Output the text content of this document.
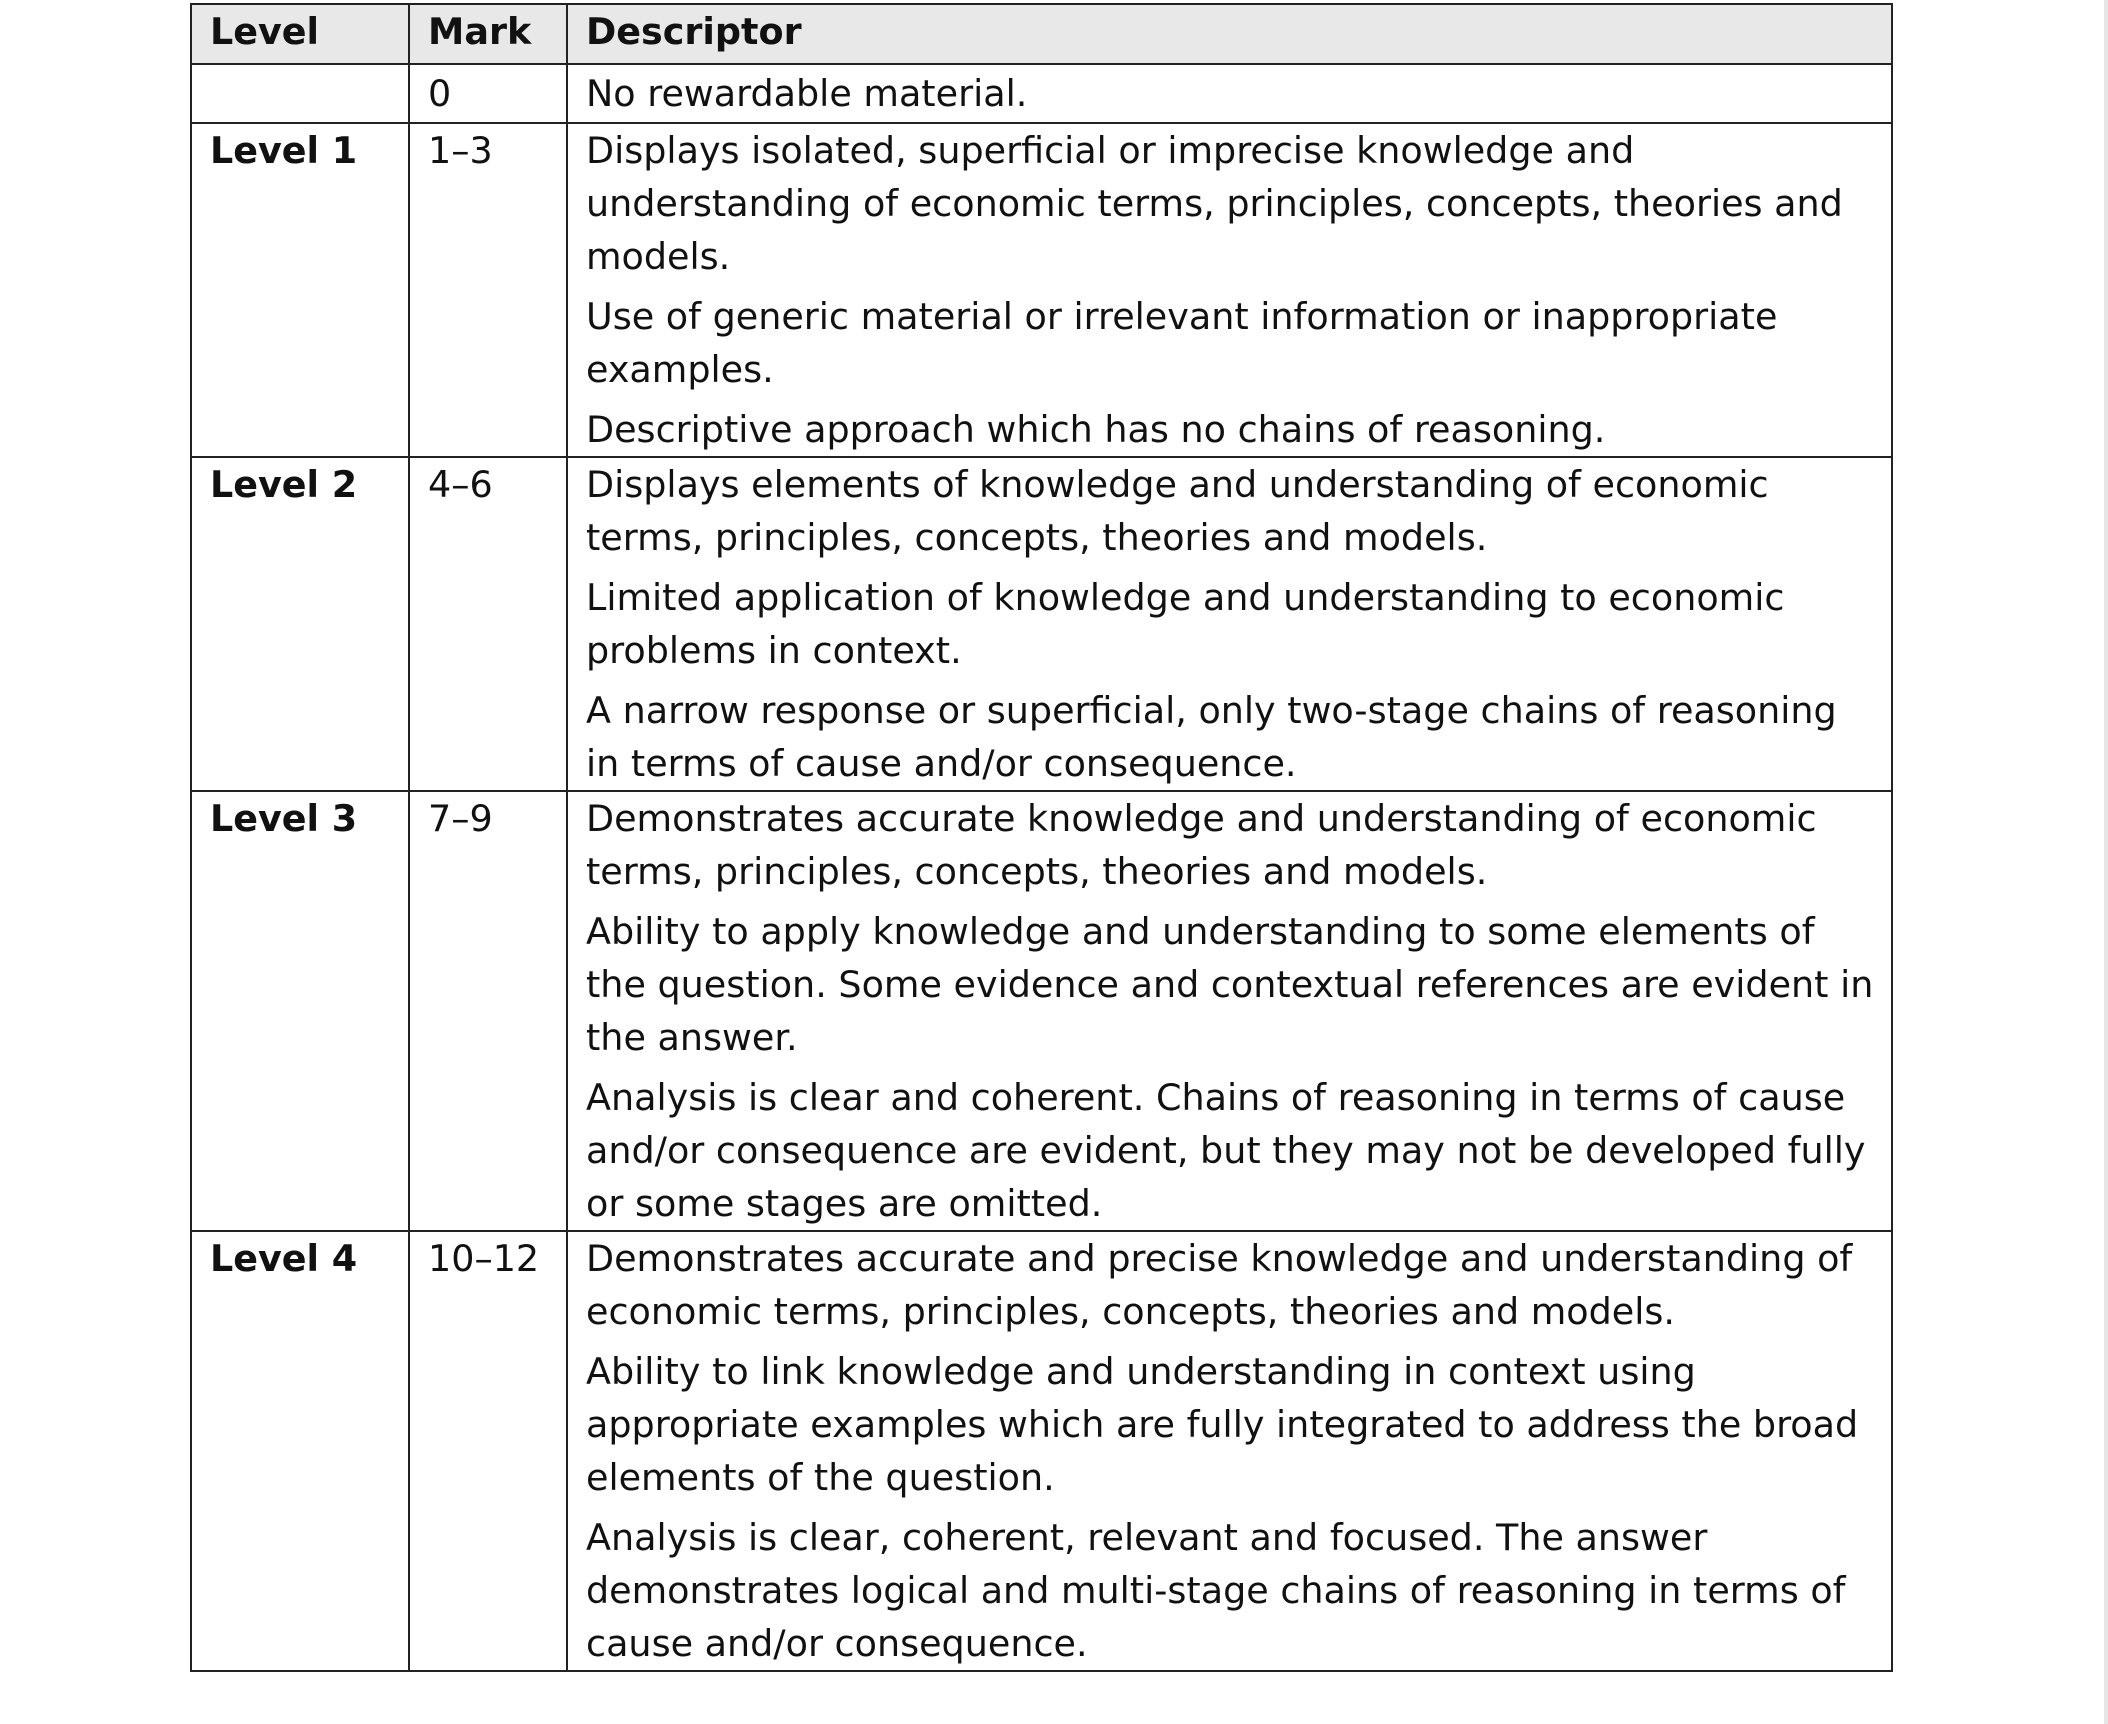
Level	Mark	Descriptor
	0	No rewardable material.

Level 1	1–3	Displays isolated, superficial or imprecise knowledge and understanding of economic terms, principles, concepts, theories and models.
Use of generic material or irrelevant information or inappropriate examples.
Descriptive approach which has no chains of reasoning.

Level 2	4–6	Displays elements of knowledge and understanding of economic terms, principles, concepts, theories and models.
Limited application of knowledge and understanding to economic problems in context.
A narrow response or superficial, only two-stage chains of reasoning in terms of cause and/or consequence.

Level 3	7–9	Demonstrates accurate knowledge and understanding of economic terms, principles, concepts, theories and models.
Ability to apply knowledge and understanding to some elements of the question. Some evidence and contextual references are evident in the answer.
Analysis is clear and coherent. Chains of reasoning in terms of cause and/or consequence are evident, but they may not be developed fully or some stages are omitted.

Level 4	10–12	Demonstrates accurate and precise knowledge and understanding of economic terms, principles, concepts, theories and models.
Ability to link knowledge and understanding in context using appropriate examples which are fully integrated to address the broad elements of the question.
Analysis is clear, coherent, relevant and focused. The answer demonstrates logical and multi-stage chains of reasoning in terms of cause and/or consequence.
